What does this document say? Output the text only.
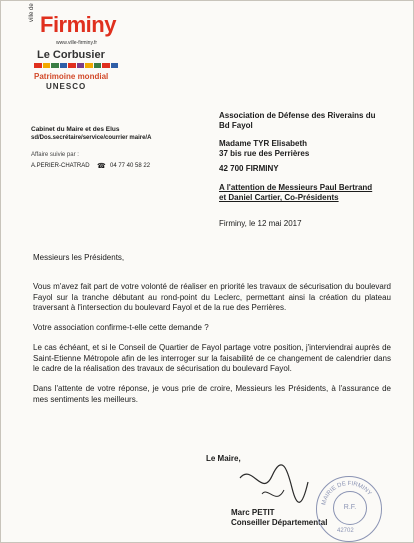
ville de Firminy
www.ville-firminy.fr
Le Corbusier
Patrimoine mondial
UNESCO
Association de Défense des Riverains du
Bd Fayol
Madame TYR Elisabeth
37 bis rue des Perrières
42 700 FIRMINY
A l'attention de Messieurs Paul Bertrand
et Daniel Cartier, Co-Présidents
Cabinet du Maire et des Elus
sd/Dos.secrétaire/service/courrier maire/A
Affaire suivie par :
A.PERIER-CHATRAD ☎ 04 77 40 58 22
Firminy, le 12 mai 2017
Messieurs les Présidents,
Vous m'avez fait part de votre volonté de réaliser en priorité les travaux de sécurisation du boulevard Fayol sur la tranche débutant au rond-point du Leclerc, permettant ainsi la création du plateau traversant à l'intersection du boulevard Fayol et de la rue des Perrières.
Votre association confirme-t-elle cette demande ?
Le cas échéant, et si le Conseil de Quartier de Fayol partage votre position, j'interviendrai auprès de Saint-Etienne Métropole afin de les interroger sur la faisabilité de ce changement de calendrier dans le cadre de la réalisation des travaux de sécurisation du boulevard Fayol.
Dans l'attente de votre réponse, je vous prie de croire, Messieurs les Présidents, à l'assurance de mes sentiments les meilleurs.
Le Maire,
Marc PETIT
Conseiller Départemental
MAIRIE DE FIRMINY
R.F.
42702
